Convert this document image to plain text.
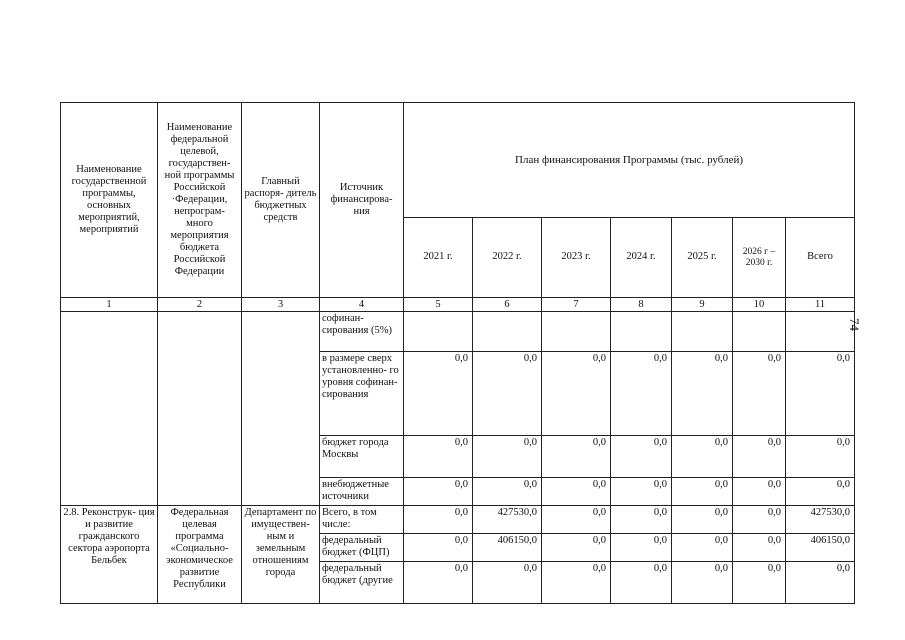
Наименование государственной программы, основных мероприятий, мероприятий	Наименование федеральной целевой, государствен- ной программы Российской ·Федерации, непрограм- много мероприятия бюджета Российской Федерации	Главный распоря- дитель бюджетных средств	Источник финансирова- ния	План финансирования Программы (тыс. рублей)						
				2021 г.	2022 г.	2023 г.	2024 г.	2025 г.	2026 г – 2030 г.	Всего
1	2	3	4	5	6	7	8	9	10	11
			софинан- сирования (5%)							
			в размере сверх установленно- го уровня софинан- сирования	0,0	0,0	0,0	0,0	0,0	0,0	0,0
			бюджет города Москвы	0,0	0,0	0,0	0,0	0,0	0,0	0,0
			внебюджетные источники	0,0	0,0	0,0	0,0	0,0	0,0	0,0
2.8. Реконструк- ция и развитие гражданского сектора аэропорта Бельбек	Федеральная целевая программа «Социально- экономическое развитие Республики	Департамент по имуществен- ным и земельным отношениям города	Всего, в том числе:	0,0	427530,0	0,0	0,0	0,0	0,0	427530,0
			федеральный бюджет (ФЦП)	0,0	406150,0	0,0	0,0	0,0	0,0	406150,0
			федеральный бюджет (другие	0,0	0,0	0,0	0,0	0,0	0,0	0,0
74
